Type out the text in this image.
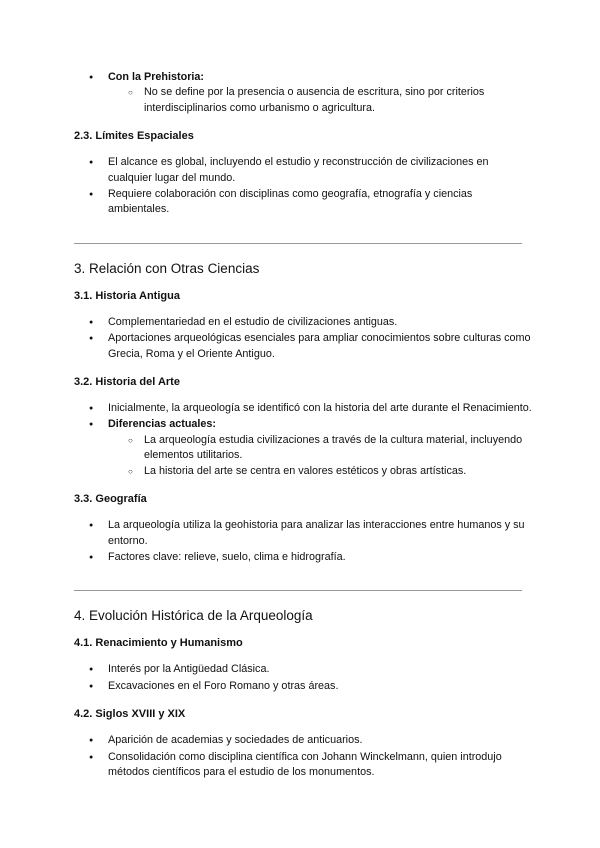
● Con la Prehistoria:
○ No se define por la presencia o ausencia de escritura, sino por criterios interdisciplinarios como urbanismo o agricultura.

2.3. Límites Espaciales

● El alcance es global, incluyendo el estudio y reconstrucción de civilizaciones en cualquier lugar del mundo.
● Requiere colaboración con disciplinas como geografía, etnografía y ciencias ambientales.

3. Relación con Otras Ciencias

3.1. Historia Antigua

● Complementariedad en el estudio de civilizaciones antiguas.
● Aportaciones arqueológicas esenciales para ampliar conocimientos sobre culturas como Grecia, Roma y el Oriente Antiguo.

3.2. Historia del Arte

● Inicialmente, la arqueología se identificó con la historia del arte durante el Renacimiento.
● Diferencias actuales:
○ La arqueología estudia civilizaciones a través de la cultura material, incluyendo elementos utilitarios.
○ La historia del arte se centra en valores estéticos y obras artísticas.

3.3. Geografía

● La arqueología utiliza la geohistoria para analizar las interacciones entre humanos y su entorno.
● Factores clave: relieve, suelo, clima e hidrografía.

4. Evolución Histórica de la Arqueología

4.1. Renacimiento y Humanismo

● Interés por la Antigüedad Clásica.
● Excavaciones en el Foro Romano y otras áreas.

4.2. Siglos XVIII y XIX

● Aparición de academias y sociedades de anticuarios.
● Consolidación como disciplina científica con Johann Winckelmann, quien introdujo métodos científicos para el estudio de los monumentos.
